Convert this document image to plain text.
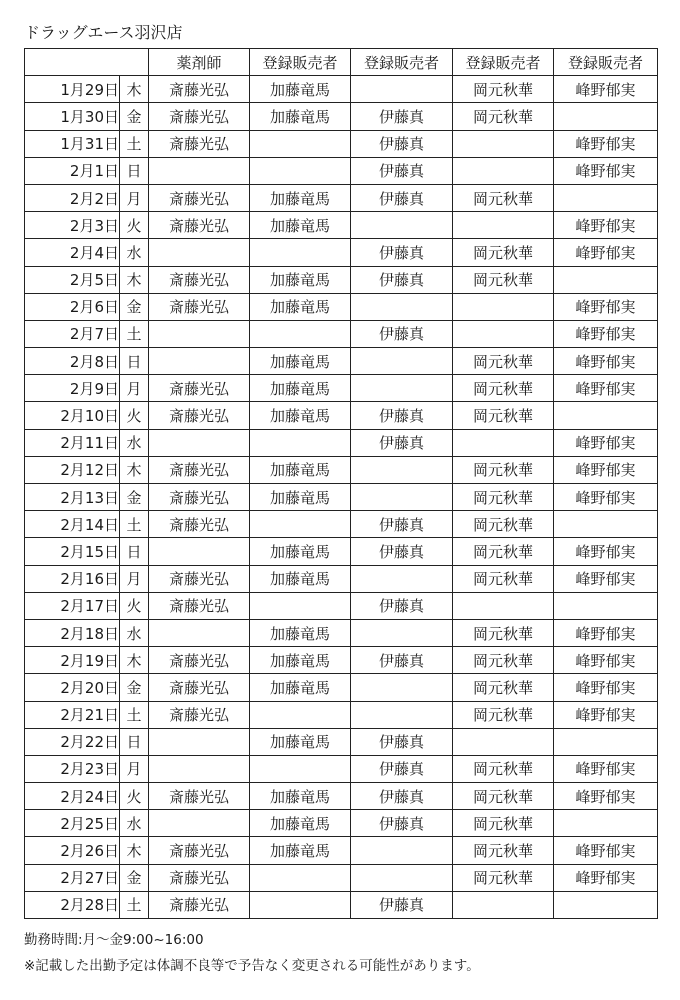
ドラッグエース羽沢店
		薬剤師	登録販売者	登録販売者	登録販売者	登録販売者
1月29日	木	斎藤光弘	加藤竜馬		岡元秋華	峰野郁実
1月30日	金	斎藤光弘	加藤竜馬	伊藤真	岡元秋華	
1月31日	土	斎藤光弘		伊藤真		峰野郁実
2月1日	日			伊藤真		峰野郁実
2月2日	月	斎藤光弘	加藤竜馬	伊藤真	岡元秋華	
2月3日	火	斎藤光弘	加藤竜馬			峰野郁実
2月4日	水			伊藤真	岡元秋華	峰野郁実
2月5日	木	斎藤光弘	加藤竜馬	伊藤真	岡元秋華	
2月6日	金	斎藤光弘	加藤竜馬			峰野郁実
2月7日	土			伊藤真		峰野郁実
2月8日	日		加藤竜馬		岡元秋華	峰野郁実
2月9日	月	斎藤光弘	加藤竜馬		岡元秋華	峰野郁実
2月10日	火	斎藤光弘	加藤竜馬	伊藤真	岡元秋華	
2月11日	水			伊藤真		峰野郁実
2月12日	木	斎藤光弘	加藤竜馬		岡元秋華	峰野郁実
2月13日	金	斎藤光弘	加藤竜馬		岡元秋華	峰野郁実
2月14日	土	斎藤光弘		伊藤真	岡元秋華	
2月15日	日		加藤竜馬	伊藤真	岡元秋華	峰野郁実
2月16日	月	斎藤光弘	加藤竜馬		岡元秋華	峰野郁実
2月17日	火	斎藤光弘		伊藤真		
2月18日	水		加藤竜馬		岡元秋華	峰野郁実
2月19日	木	斎藤光弘	加藤竜馬	伊藤真	岡元秋華	峰野郁実
2月20日	金	斎藤光弘	加藤竜馬		岡元秋華	峰野郁実
2月21日	土	斎藤光弘			岡元秋華	峰野郁実
2月22日	日		加藤竜馬	伊藤真		
2月23日	月			伊藤真	岡元秋華	峰野郁実
2月24日	火	斎藤光弘	加藤竜馬	伊藤真	岡元秋華	峰野郁実
2月25日	水		加藤竜馬	伊藤真	岡元秋華	
2月26日	木	斎藤光弘	加藤竜馬		岡元秋華	峰野郁実
2月27日	金	斎藤光弘			岡元秋華	峰野郁実
2月28日	土	斎藤光弘		伊藤真		
勤務時間:月～金9:00~16:00
※記載した出勤予定は体調不良等で予告なく変更される可能性があります。
